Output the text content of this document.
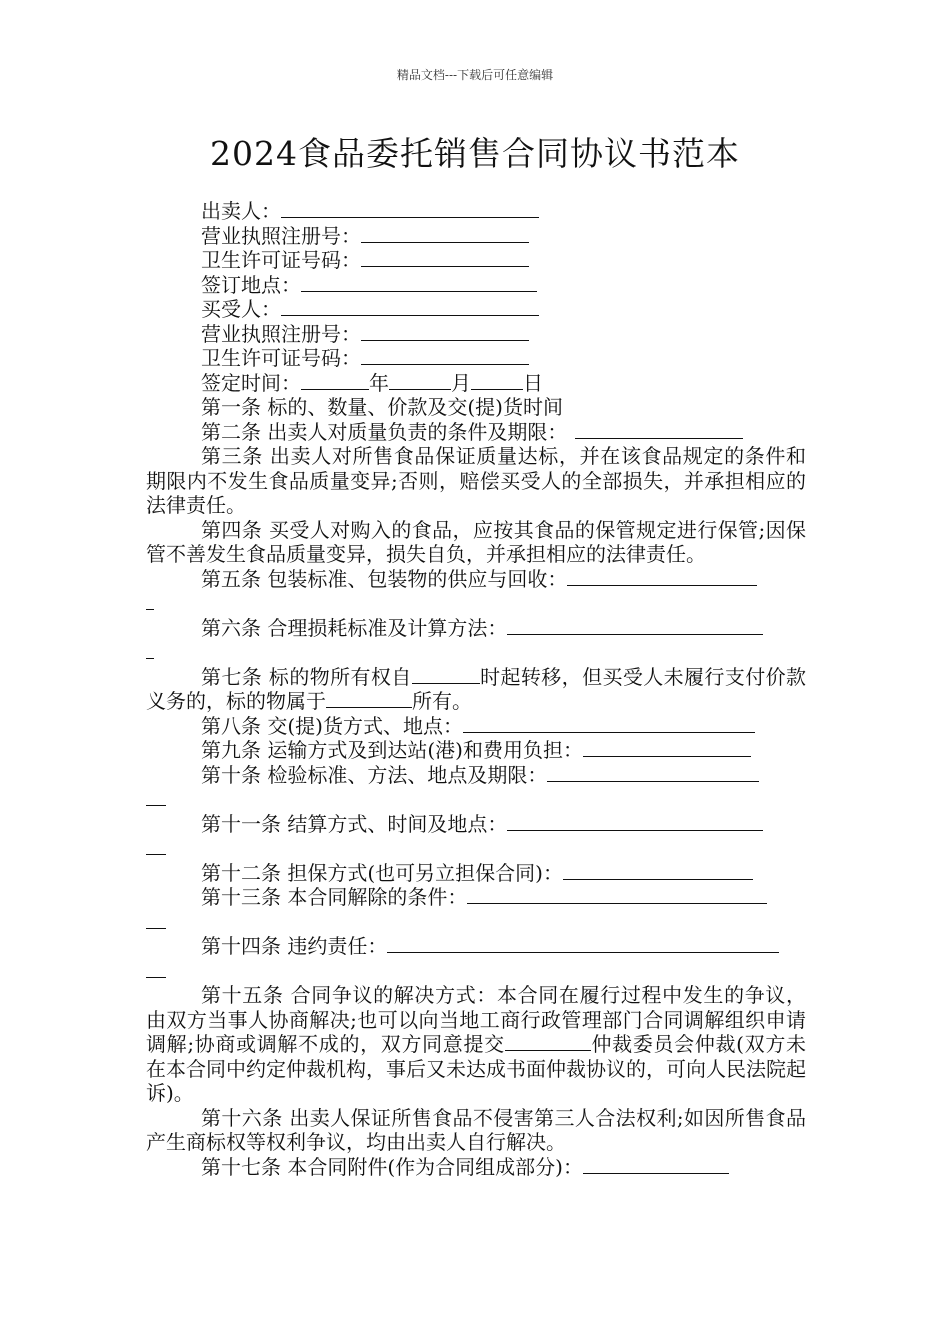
精品文档---下载后可任意编辑
2024食品委托销售合同协议书范本
出卖人：
营业执照注册号：
卫生许可证号码：
签订地点：
买受人：
营业执照注册号：
卫生许可证号码：
签定时间：	年	月	日
第一条 标的、数量、价款及交(提)货时间
第二条 出卖人对质量负责的条件及期限：
第三条 出卖人对所售食品保证质量达标，并在该食品规定的条件和期限内不发生食品质量变异;否则，赔偿买受人的全部损失，并承担相应的法律责任。
第四条 买受人对购入的食品，应按其食品的保管规定进行保管;因保管不善发生食品质量变异，损失自负，并承担相应的法律责任。
第五条 包装标准、包装物的供应与回收：
第六条 合理损耗标准及计算方法：
第七条 标的物所有权自	时起转移，但买受人未履行支付价款义务的，标的物属于	所有。
第八条 交(提)货方式、地点：
第九条 运输方式及到达站(港)和费用负担：
第十条 检验标准、方法、地点及期限：
第十一条 结算方式、时间及地点：
第十二条 担保方式(也可另立担保合同)：
第十三条 本合同解除的条件：
第十四条 违约责任：
第十五条 合同争议的解决方式：本合同在履行过程中发生的争议，由双方当事人协商解决;也可以向当地工商行政管理部门合同调解组织申请调解;协商或调解不成的，双方同意提交	仲裁委员会仲裁(双方未在本合同中约定仲裁机构，事后又未达成书面仲裁协议的，可向人民法院起诉)。
第十六条 出卖人保证所售食品不侵害第三人合法权利;如因所售食品产生商标权等权利争议，均由出卖人自行解决。
第十七条 本合同附件(作为合同组成部分)：
